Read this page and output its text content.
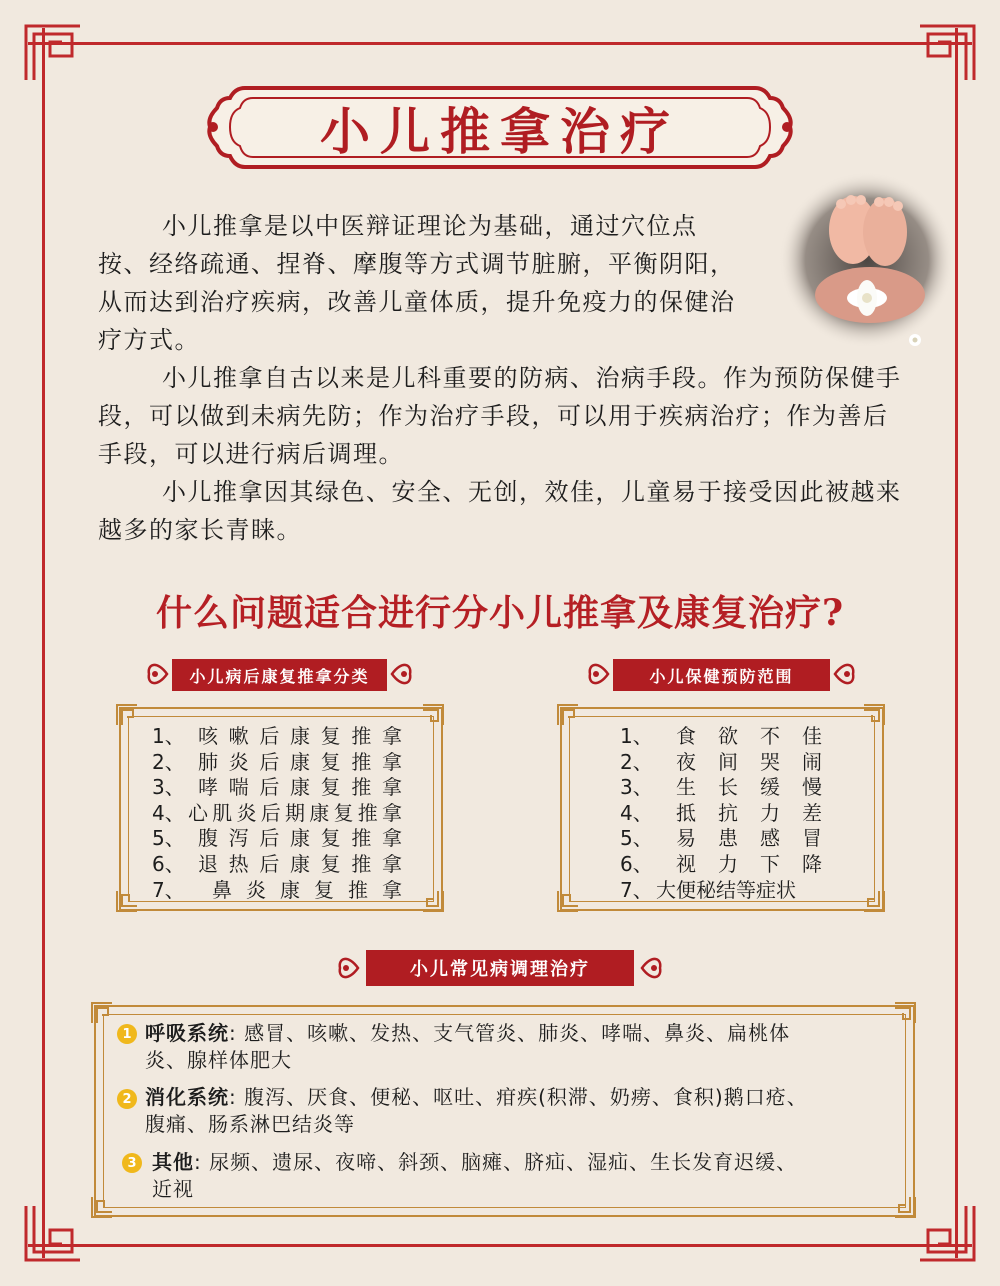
小儿推拿治疗
小儿推拿是以中医辩证理论为基础，通过穴位点按、经络疏通、捏脊、摩腹等方式调节脏腑，平衡阴阳，从而达到治疗疾病，改善儿童体质，提升免疫力的保健治疗方式。
小儿推拿自古以来是儿科重要的防病、治病手段。作为预防保健手段，可以做到未病先防；作为治疗手段，可以用于疾病治疗；作为善后手段，可以进行病后调理。
小儿推拿因其绿色、安全、无创，效佳，儿童易于接受因此被越来越多的家长青睐。
什么问题适合进行分小儿推拿及康复治疗?
小儿病后康复推拿分类
1、 咳嗽后康复推拿
2、 肺炎后康复推拿
3、 哮喘后康复推拿
4、 心肌炎后期康复推拿
5、 腹泻后康复推拿
6、 退热后康复推拿
7、	鼻炎康复推拿
小儿保健预防范围
1、	食欲不佳
2、	夜间哭闹
3、	生长缓慢
4、	抵抗力差
5、	易患感冒
6、	视力下降
7、 大便秘结等症状
小儿常见病调理治疗
1 呼吸系统: 感冒、咳嗽、发热、支气管炎、肺炎、哮喘、鼻炎、扁桃体
炎、腺样体肥大
2 消化系统: 腹泻、厌食、便秘、呕吐、疳疾(积滞、奶痨、食积)鹅口疮、
腹痛、肠系淋巴结炎等
3 其他: 尿频、遗尿、夜啼、斜颈、脑瘫、脐疝、湿疝、生长发育迟缓、
近视
